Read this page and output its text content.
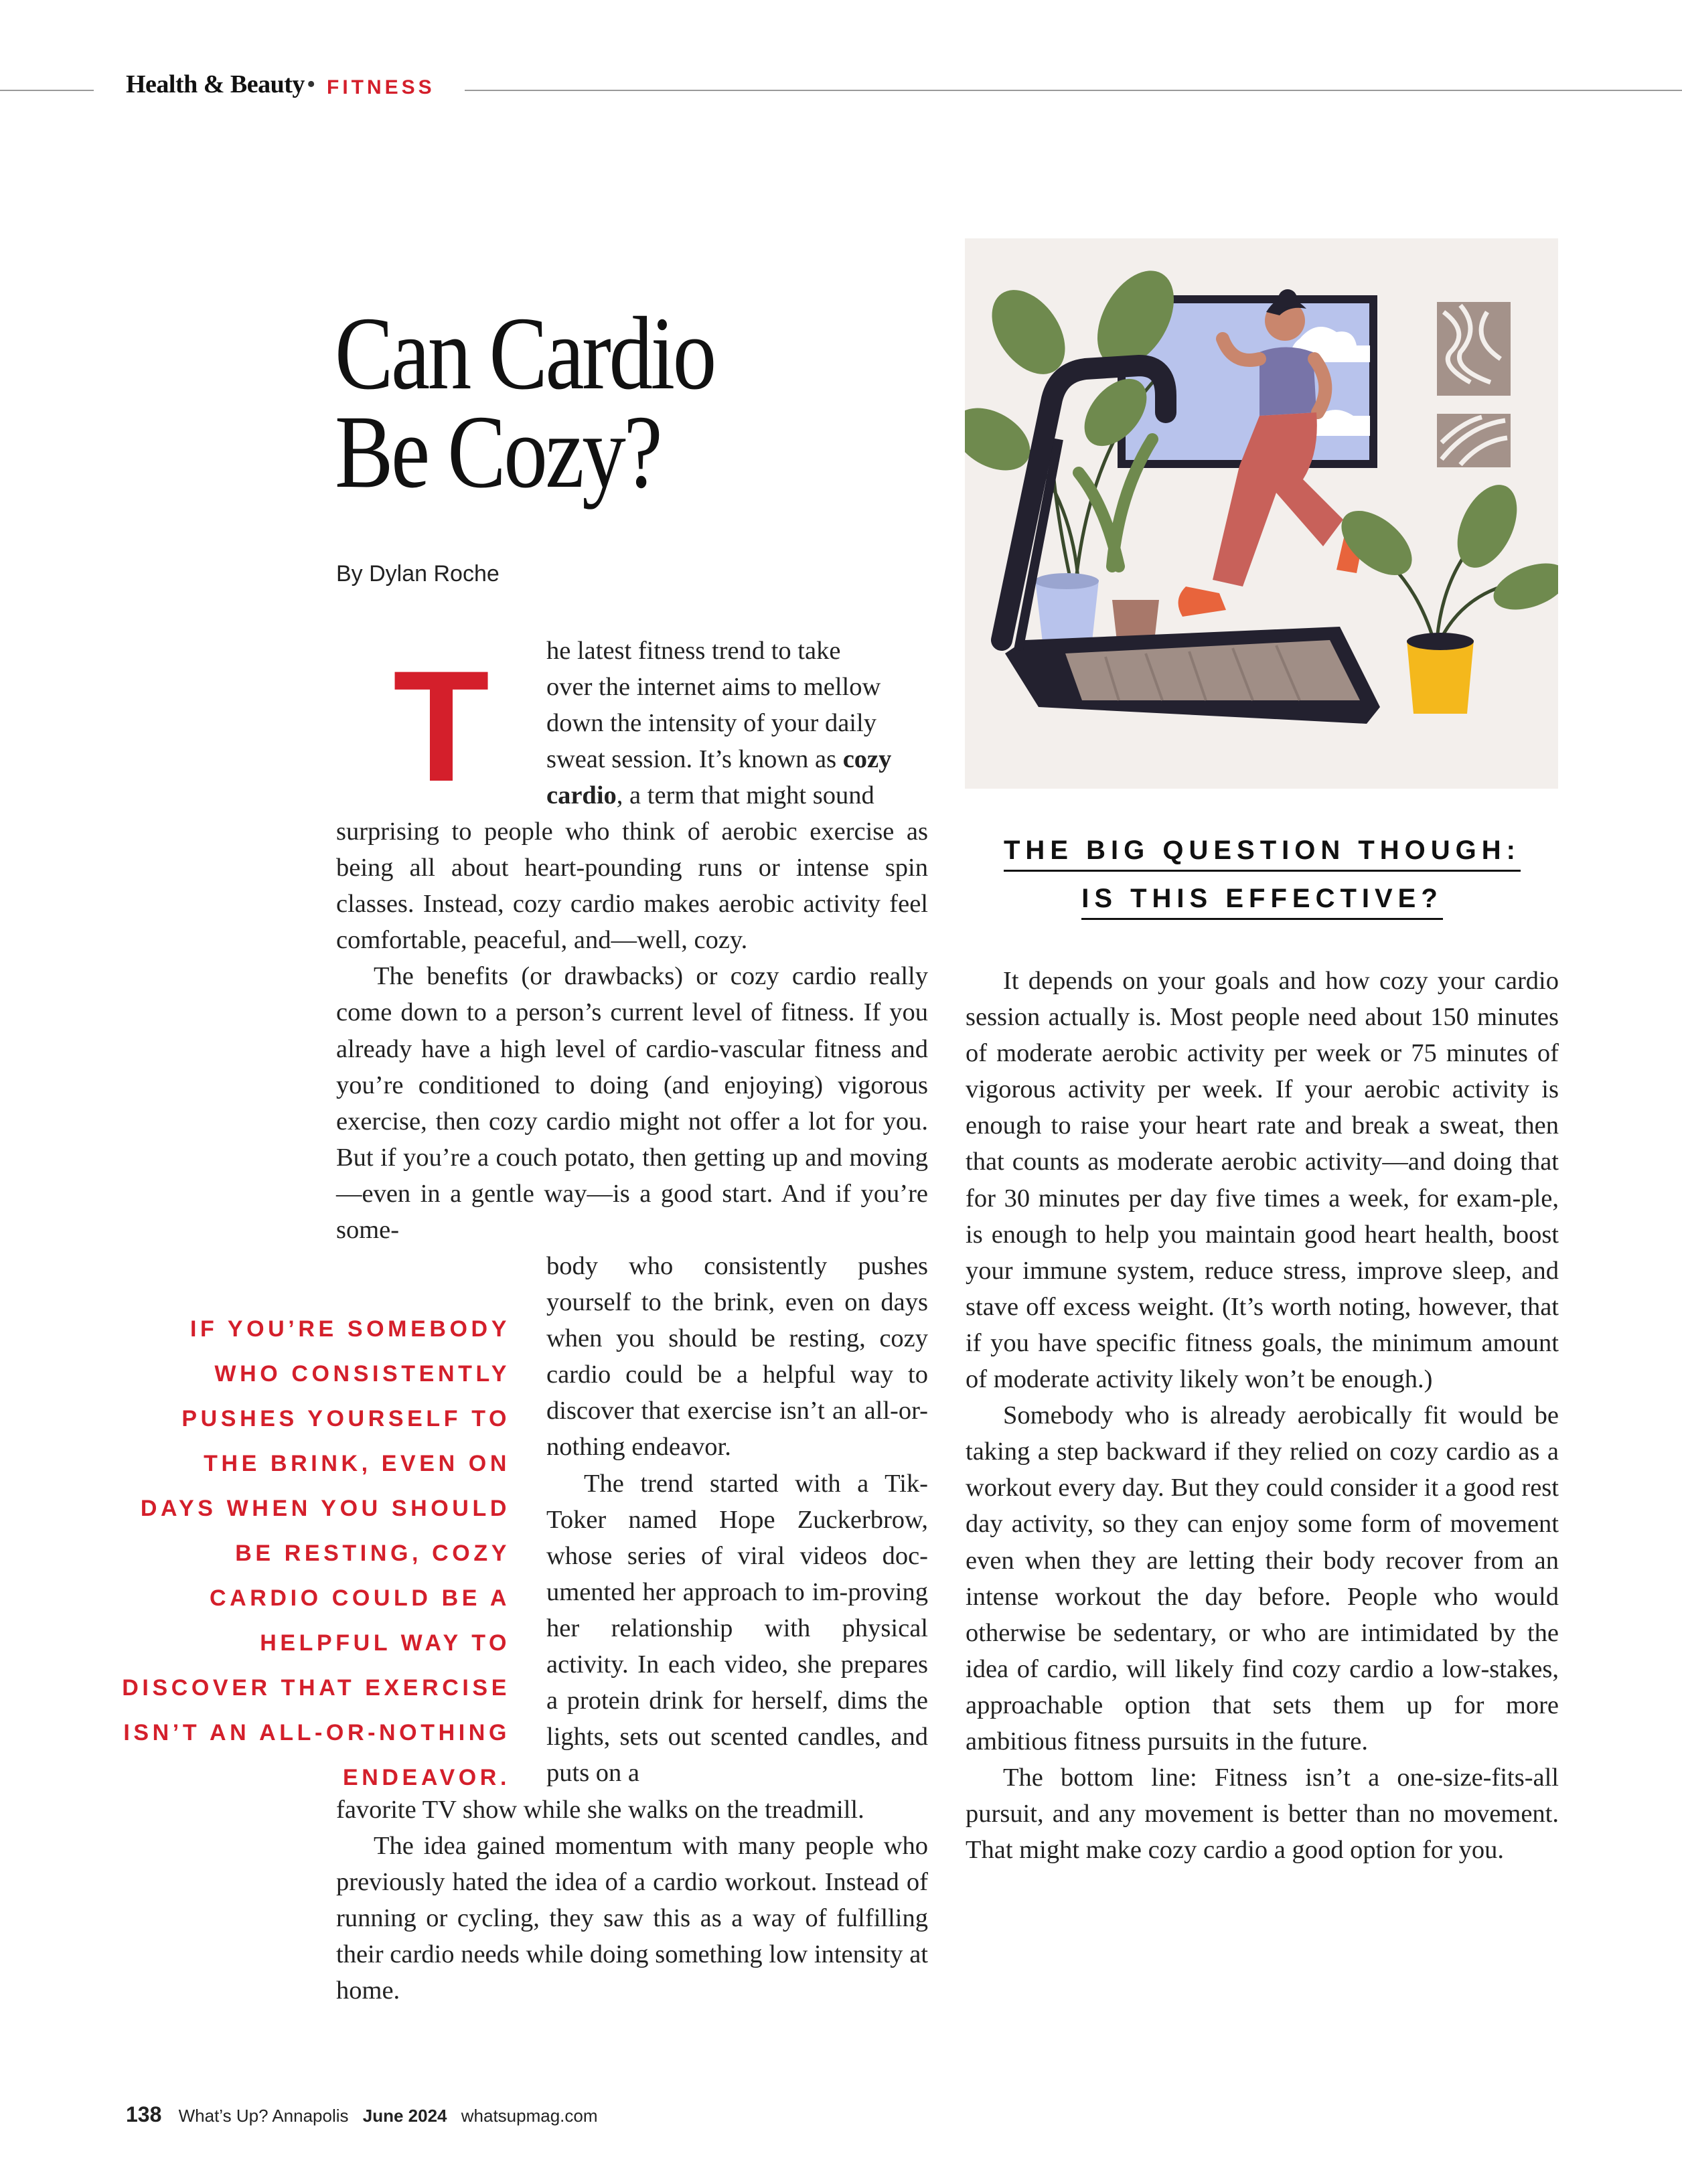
Health & Beauty • FITNESS
Can Cardio
Be Cozy?
By Dylan Roche
T he latest fitness trend to take
over the internet aims to mellow
down the intensity of your daily
sweat session. It’s known as cozy
cardio, a term that might sound

surprising to people who think of aerobic exercise as being all about heart-pounding runs or intense spin classes. Instead, cozy cardio makes aerobic activity feel comfortable, peaceful, and—well, cozy.

The benefits (or drawbacks) or cozy cardio really come down to a person’s current level of fitness. If you already have a high level of cardio-vascular fitness and you’re conditioned to doing (and enjoying) vigorous exercise, then cozy cardio might not offer a lot for you. But if you’re a couch potato, then getting up and moving—even in a gentle way—is a good start. And if you’re some-

body who consistently pushes yourself to the brink, even on days when you should be resting, cozy cardio could be a helpful way to discover that exercise isn’t an all-or-nothing endeavor.

The trend started with a Tik-Toker named Hope Zuckerbrow, whose series of viral videos doc-umented her approach to im-proving her relationship with physical activity. In each video, she prepares a protein drink for herself, dims the lights, sets out scented candles, and puts on a

favorite TV show while she walks on the treadmill.

The idea gained momentum with many people who previously hated the idea of a cardio workout. Instead of running or cycling, they saw this as a way of fulfilling their cardio needs while doing something low intensity at home.

IF YOU’RE SOMEBODY WHO CONSISTENTLY PUSHES YOURSELF TO THE BRINK, EVEN ON DAYS WHEN YOU SHOULD BE RESTING, COZY CARDIO COULD BE A HELPFUL WAY TO DISCOVER THAT EXERCISE ISN’T AN ALL-OR-NOTHING ENDEAVOR.
THE BIG QUESTION THOUGH:
IS THIS EFFECTIVE?

It depends on your goals and how cozy your cardio session actually is. Most people need about 150 minutes of moderate aerobic activity per week or 75 minutes of vigorous activity per week. If your aerobic activity is enough to raise your heart rate and break a sweat, then that counts as moderate aerobic activity—and doing that for 30 minutes per day five times a week, for exam-ple, is enough to help you maintain good heart health, boost your immune system, reduce stress, improve sleep, and stave off excess weight. (It’s worth noting, however, that if you have specific fitness goals, the minimum amount of moderate activity likely won’t be enough.)

Somebody who is already aerobically fit would be taking a step backward if they relied on cozy cardio as a workout every day. But they could consider it a good rest day activity, so they can enjoy some form of movement even when they are letting their body recover from an intense workout the day before. People who would otherwise be sedentary, or who are intimidated by the idea of cardio, will likely find cozy cardio a low-stakes, approachable option that sets them up for more ambitious fitness pursuits in the future.

The bottom line: Fitness isn’t a one-size-fits-all pursuit, and any movement is better than no movement. That might make cozy cardio a good option for you.

138 What’s Up? Annapolis June 2024 whatsupmag.com
